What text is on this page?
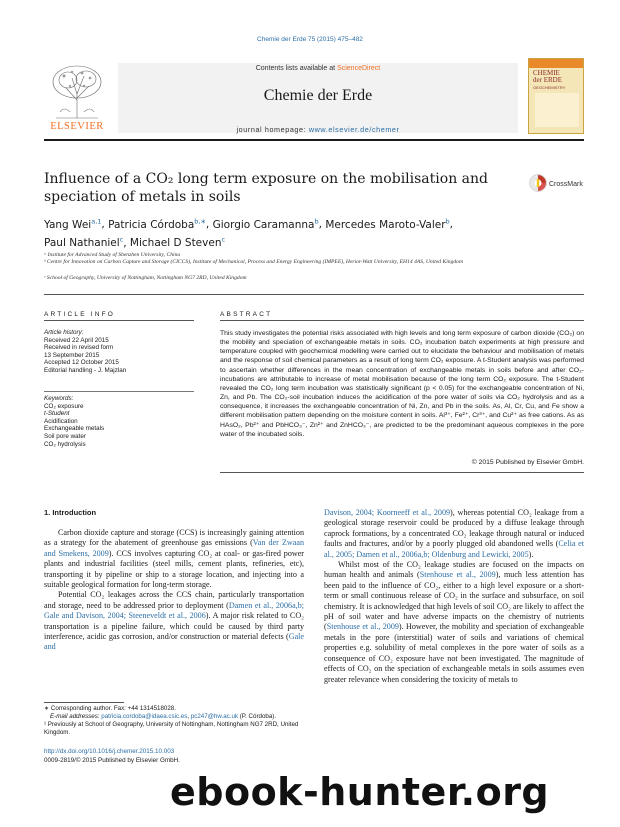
Chemie der Erde 75 (2015) 475–482
ELSEVIER
Contents lists available at ScienceDirect
Chemie der Erde
journal homepage: www.elsevier.de/chemer
CHEMIE
der ERDE
GEOCHEMISTRY
Influence of a CO₂ long term exposure on the mobilisation and speciation of metals in soils
CrossMark
Yang Wei$^{a,1}$, Patricia Córdoba$^{b,∗}$, Giorgio Caramanna$^b$, Mercedes Maroto-Valer$^b$,
Paul Nathaniel$^c$, Michael D Steven$^c$
ᵃ Institute for Advanced Study of Shenzhen University, China
ᵇ Centre for Innovation on Carbon Capture and Storage (CICCS), Institute of Mechanical, Process and Energy Engineering (IMPEE), Heriot-Watt University, EH14 4AS, United Kingdom
ᶜ School of Geography, University of Nottingham, Nottingham NG7 2RD, United Kingdom
ARTICLE INFO	ABSTRACT
Article history:
Received 22 April 2015
Received in revised form
13 September 2015
Accepted 12 October 2015
Editorial handling - J. Majzlan
Keywords:
CO₂ exposure
t-Student
Acidification
Exchangeable metals
Soil pore water
CO₂ hydrolysis
This study investigates the potential risks associated with high levels and long term exposure of carbon dioxide (CO₂) on the mobility and speciation of exchangeable metals in soils. CO₂ incubation batch experiments at high pressure and temperature coupled with geochemical modelling were carried out to elucidate the behaviour and mobilisation of metals and the response of soil chemical parameters as a result of long term CO₂ exposure. A t-Student analysis was performed to ascertain whether differences in the mean concentration of exchangeable metals in soils before and after CO₂-incubations are attributable to increase of metal mobilisation because of the long term CO₂ exposure. The t-Student revealed the CO₂ long term incubation was statistically significant (p < 0.05) for the exchangeable concentration of Ni, Zn, and Pb. The CO₂-soil incubation induces the acidification of the pore water of soils via CO₂ hydrolysis and as a consequence, it increases the exchangeable concentration of Ni, Zn, and Pb in the soils. As, Al, Cr, Cu, and Fe show a different mobilisation pattern depending on the moisture content in soils. Al³⁺, Fe²⁺, Cr³⁺, and Cu²⁺ as free cations. As as HAsO₂, Pb²⁺ and PbHCO₃⁻, Zn²⁺ and ZnHCO₃⁻, are predicted to be the predominant aqueous complexes in the pore water of the incubated soils.
© 2015 Published by Elsevier GmbH.
1. Introduction

Carbon dioxide capture and storage (CCS) is increasingly gaining attention as a strategy for the abatement of greenhouse gas emissions (Van der Zwaan and Smekens, 2009). CCS involves capturing CO₂ at coal- or gas-fired power plants and industrial facilities (steel mills, cement plants, refineries, etc), transporting it by pipeline or ship to a storage location, and injecting into a suitable geological formation for long-term storage.

Potential CO₂ leakages across the CCS chain, particularly transportation and storage, need to be addressed prior to deployment (Damen et al., 2006a,b; Gale and Davison, 2004; Steeneveldt et al., 2006). A major risk related to CO₂ transportation is a pipeline failure, which could be caused by third party interference, acidic gas corrosion, and/or construction or material defects (Gale and

Davison, 2004; Koorneeff et al., 2009), whereas potential CO₂ leakage from a geological storage reservoir could be produced by a diffuse leakage through caprock formations, by a concentrated CO₂ leakage through natural or induced faults and fractures, and/or by a poorly plugged old abandoned wells (Celia et al., 2005; Damen et al., 2006a,b; Oldenburg and Lewicki, 2005).

Whilst most of the CO₂ leakage studies are focused on the impacts on human health and animals (Stenhouse et al., 2009), much less attention has been paid to the influence of CO₂, either to a high level exposure or a short-term or small continuous release of CO₂ in the surface and subsurface, on soil chemistry. It is acknowledged that high levels of soil CO₂ are likely to affect the pH of soil water and have adverse impacts on the chemistry of nutrients (Stenhouse et al., 2009). However, the mobility and speciation of exchangeable metals in the pore (interstitial) water of soils and variations of chemical properties e.g. solubility of metal complexes in the pore water of soils as a consequence of CO₂ exposure have not been investigated. The magnitude of effects of CO₂ on the speciation of exchangeable metals in soils assumes even greater relevance when considering the toxicity of metals to

∗ Corresponding author. Fax: +44 1314518028.
E-mail addresses: patricia.cordoba@idaea.csic.es, pc247@hw.ac.uk (P. Córdoba).
¹ Previously at School of Geography, University of Nottingham, Nottingham NG7 2RD, United Kingdom.
http://dx.doi.org/10.1016/j.chemer.2015.10.003
0009-2819/© 2015 Published by Elsevier GmbH.
ebook-hunter.org
